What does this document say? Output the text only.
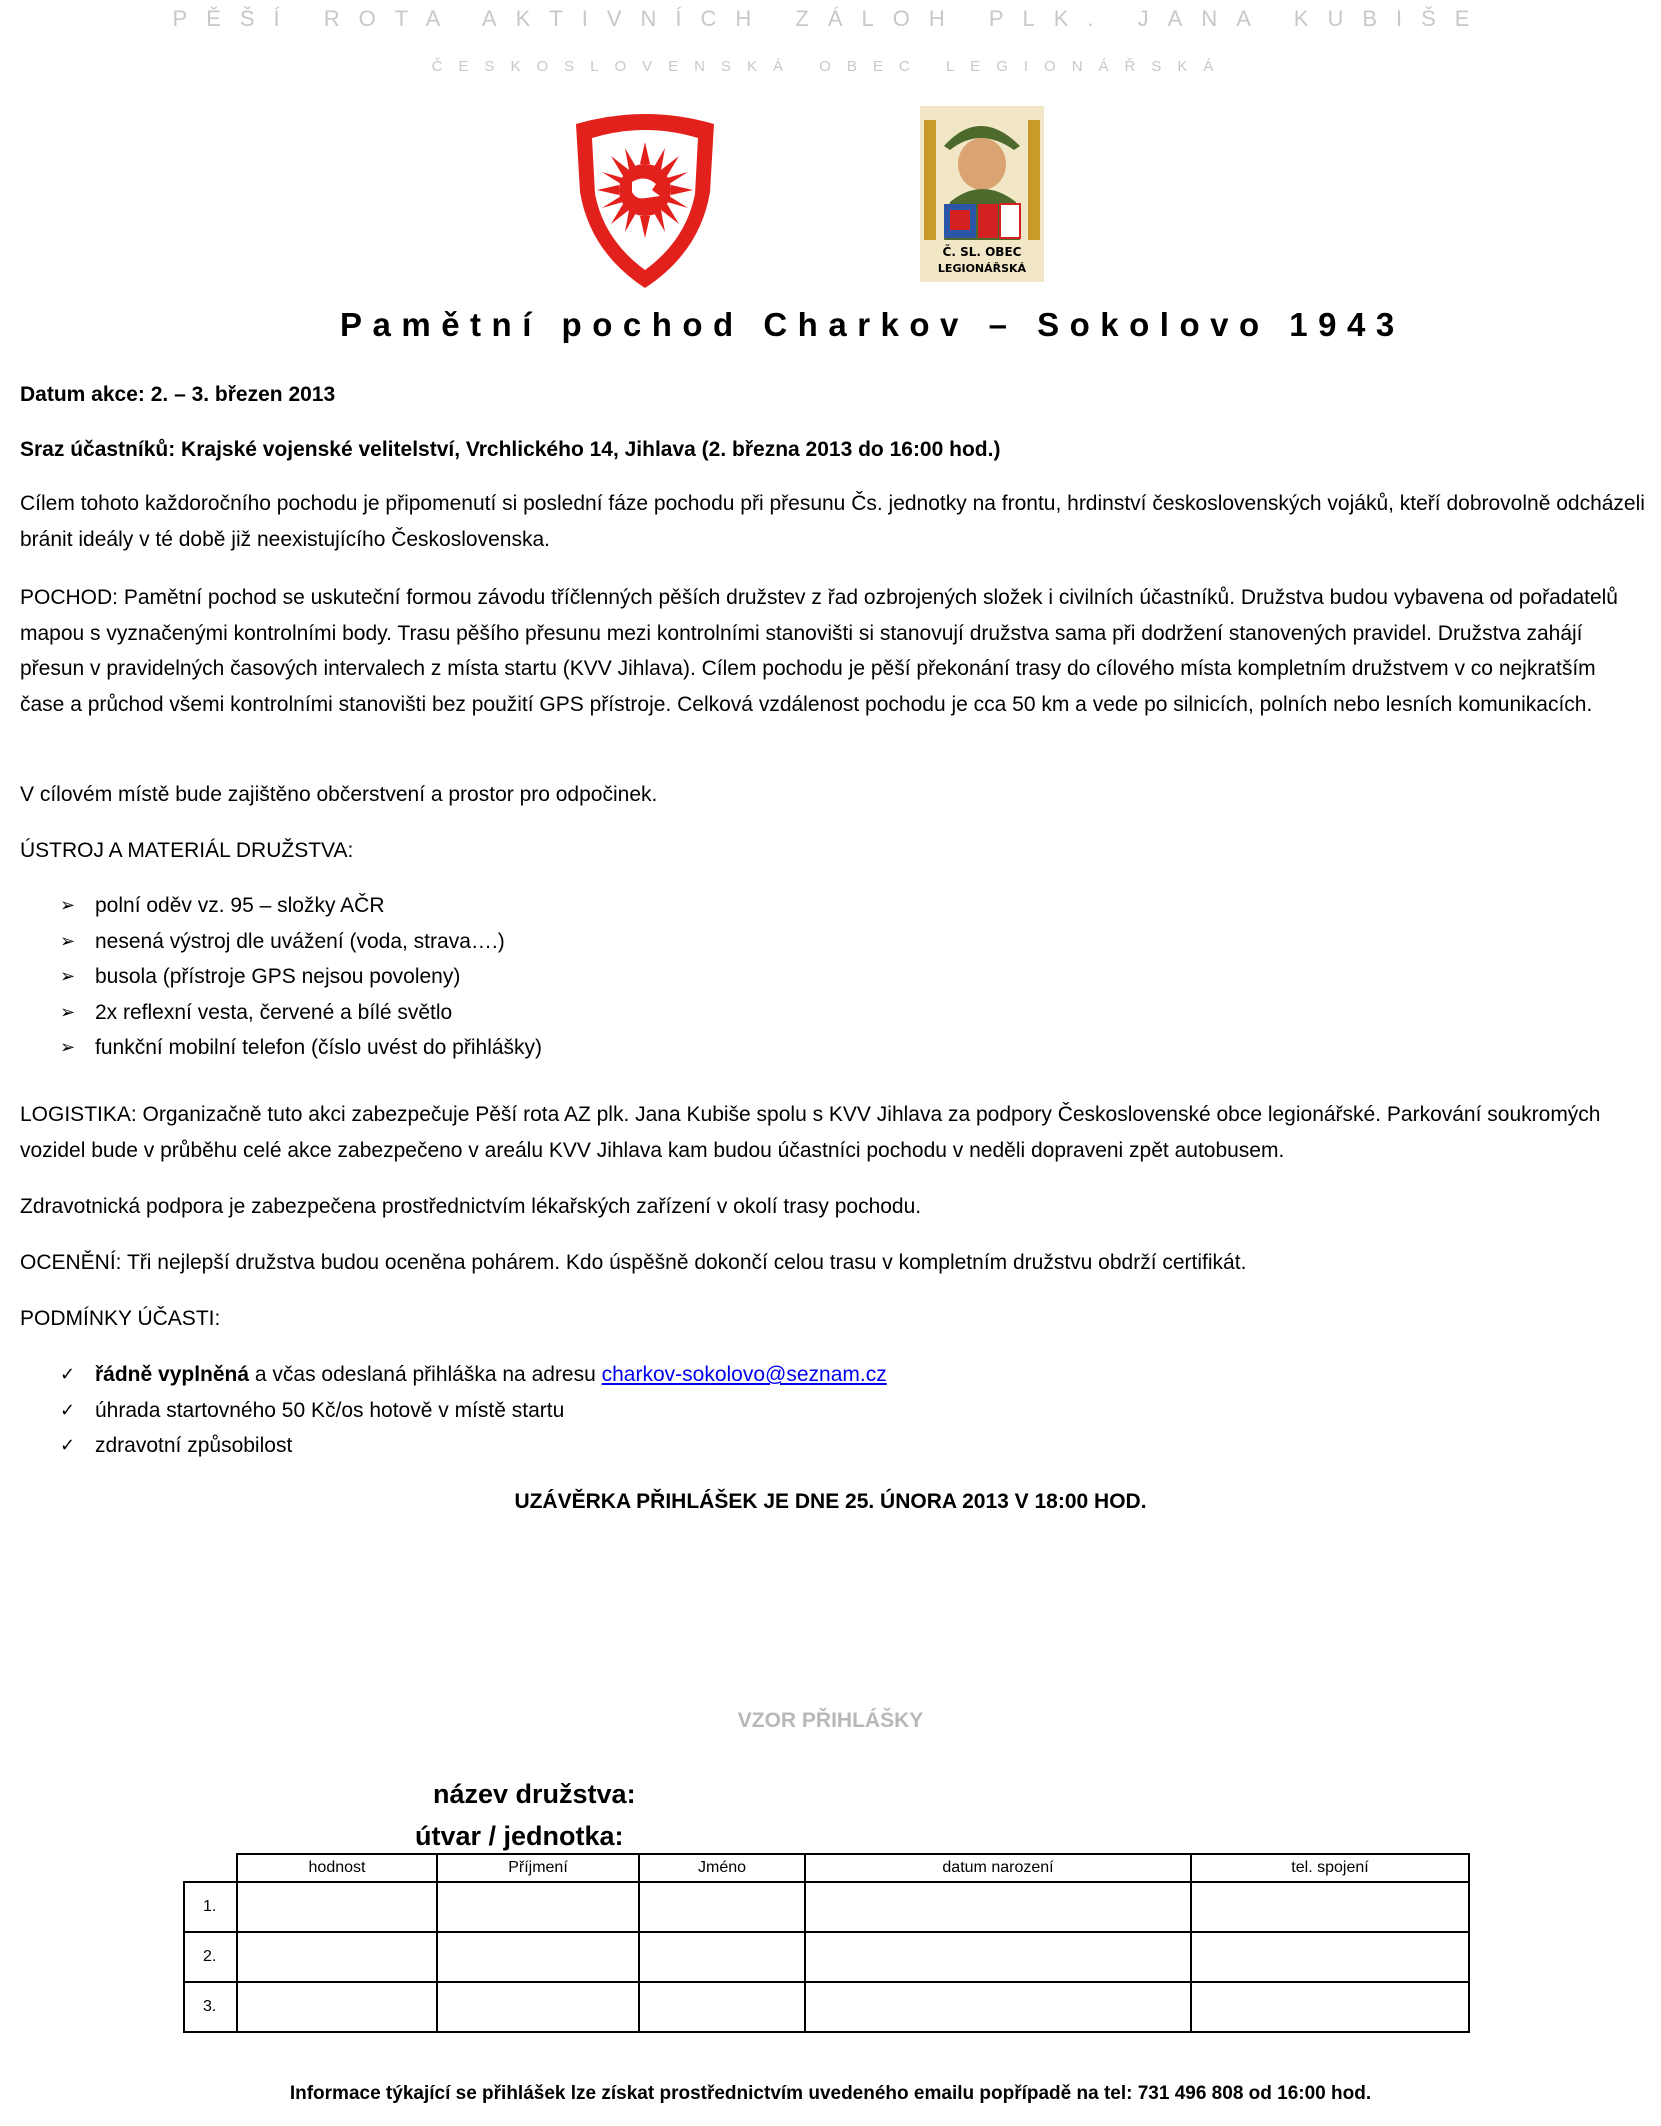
PĚŠÍ ROTA AKTIVNÍCH ZÁLOH PLK. JANA KUBIŠE
ČESKOSLOVENSKÁ OBEC LEGIONÁŘSKÁ
Č. SL. OBEC
LEGIONÁŘSKÁ
Pamětní pochod Charkov – Sokolovo 1943
Datum akce: 2. – 3. březen 2013
Sraz účastníků: Krajské vojenské velitelství, Vrchlického 14, Jihlava (2. března 2013 do 16:00 hod.)
Cílem tohoto každoročního pochodu je připomenutí si poslední fáze pochodu při přesunu Čs. jednotky na frontu, hrdinství československých vojáků, kteří dobrovolně odcházeli bránit ideály v té době již neexistujícího Československa.
POCHOD: Pamětní pochod se uskuteční formou závodu tříčlenných pěších družstev z řad ozbrojených složek i civilních účastníků. Družstva budou vybavena od pořadatelů mapou s vyznačenými kontrolními body. Trasu pěšího přesunu mezi kontrolními stanovišti si stanovují družstva sama při dodržení stanovených pravidel. Družstva zahájí přesun v pravidelných časových intervalech z místa startu (KVV Jihlava). Cílem pochodu je pěší překonání trasy do cílového místa kompletním družstvem v co nejkratším čase a průchod všemi kontrolními stanovišti bez použití GPS přístroje. Celková vzdálenost pochodu je cca 50 km a vede po silnicích, polních nebo lesních komunikacích.
V cílovém místě bude zajištěno občerstvení a prostor pro odpočinek.
ÚSTROJ A MATERIÁL DRUŽSTVA:
➢ polní oděv vz. 95 – složky AČR
➢ nesená výstroj dle uvážení (voda, strava….)
➢ busola (přístroje GPS nejsou povoleny)
➢ 2x reflexní vesta, červené a bílé světlo
➢ funkční mobilní telefon (číslo uvést do přihlášky)
LOGISTIKA: Organizačně tuto akci zabezpečuje Pěší rota AZ plk. Jana Kubiše spolu s KVV Jihlava za podpory Československé obce legionářské. Parkování soukromých vozidel bude v průběhu celé akce zabezpečeno v areálu KVV Jihlava kam budou účastníci pochodu v neděli dopraveni zpět autobusem.
Zdravotnická podpora je zabezpečena prostřednictvím lékařských zařízení v okolí trasy pochodu.
OCENĚNÍ: Tři nejlepší družstva budou oceněna pohárem. Kdo úspěšně dokončí celou trasu v kompletním družstvu obdrží certifikát.
PODMÍNKY ÚČASTI:
✓ řádně vyplněná a včas odeslaná přihláška na adresu charkov-sokolovo@seznam.cz
✓ úhrada startovného 50 Kč/os hotově v místě startu
✓ zdravotní způsobilost
UZÁVĚRKA PŘIHLÁŠEK JE DNE 25. ÚNORA 2013 V 18:00 HOD.
VZOR PŘIHLÁŠKY
název družstva:
útvar / jednotka:
	hodnost	Příjmení	Jméno	datum narození	tel. spojení
1.					
2.					
3.					
Informace týkající se přihlášek lze získat prostřednictvím uvedeného emailu popřípadě na tel: 731 496 808 od 16:00 hod.
